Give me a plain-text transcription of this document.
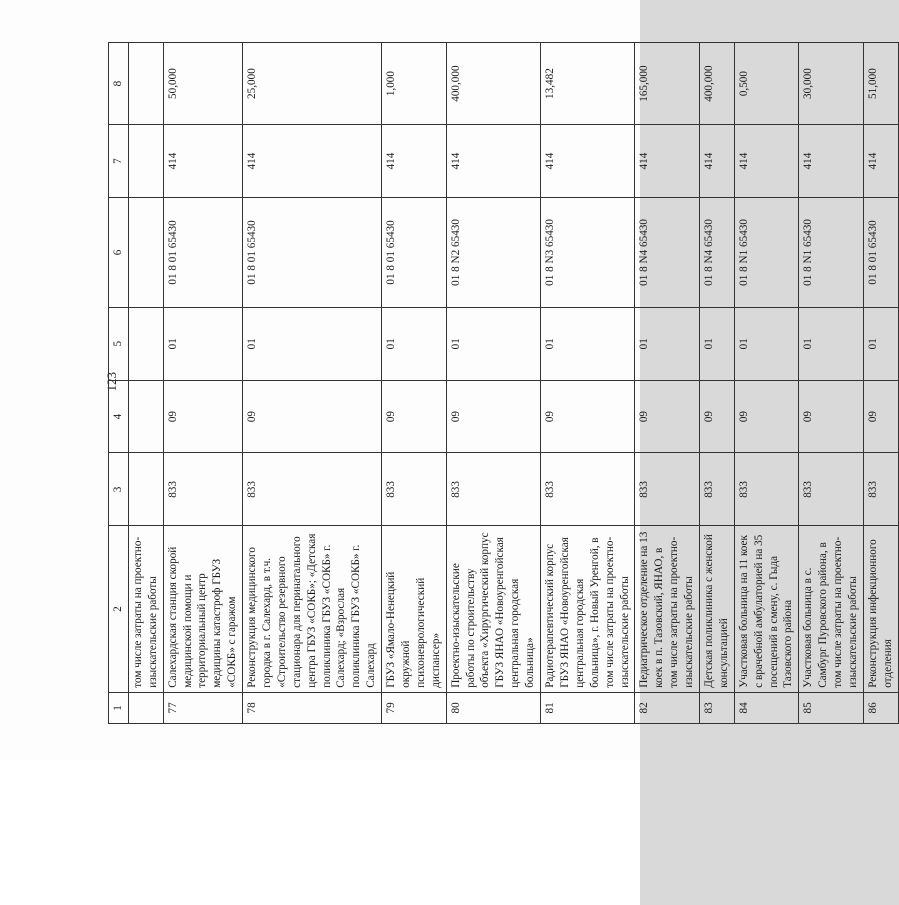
123
1	2	3	4	5	6	7	8
	том числе затраты на проектно-изыскательские работы						
77	Салехардская станция скорой медицинской помощи и территориальный центр медицины катастроф ГБУЗ «СОКБ» с гаражом	833	09	01	01 8 01 65430	414	50,000
78	Реконструкция медицинского городка в г. Салехард, в т.ч. «Строительство резервного стационара для перинатального центра ГБУЗ «СОКБ»; «Детская поликлиника ГБУЗ «СОКБ» г. Салехард; «Взрослая поликлиника ГБУЗ «СОКБ» г. Салехард	833	09	01	01 8 01 65430	414	25,000
79	ГБУЗ «Ямало-Ненецкий окружной психоневрологический диспансер»	833	09	01	01 8 01 65430	414	1,000
80	Проектно-изыскательские работы по строительству объекта «Хирургический корпус ГБУЗ ЯНАО «Новоуренгойская центральная городская больница»	833	09	01	01 8 N2 65430	414	400,000
81	Радиотерапевтический корпус ГБУЗ ЯНАО «Новоуренгойская центральная городская больница», г. Новый Уренгой, в том числе затраты на проектно-изыскательские работы	833	09	01	01 8 N3 65430	414	13,482
82	Педиатрическое отделение на 13 коек в п. Тазовский, ЯНАО, в том числе затраты на проектно-изыскательские работы	833	09	01	01 8 N4 65430	414	165,000
83	Детская поликлиника с женской консультацией	833	09	01	01 8 N4 65430	414	400,000
84	Участковая больница на 11 коек с врачебной амбулаторией на 35 посещений в смену, с. Гыда Тазовского района	833	09	01	01 8 N1 65430	414	0,500
85	Участковая больница в с. Самбург Пуровского района, в том числе затраты на проектно-изыскательские работы	833	09	01	01 8 N1 65430	414	30,000
86	Реконструкция инфекционного отделения	833	09	01	01 8 01 65430	414	51,000
